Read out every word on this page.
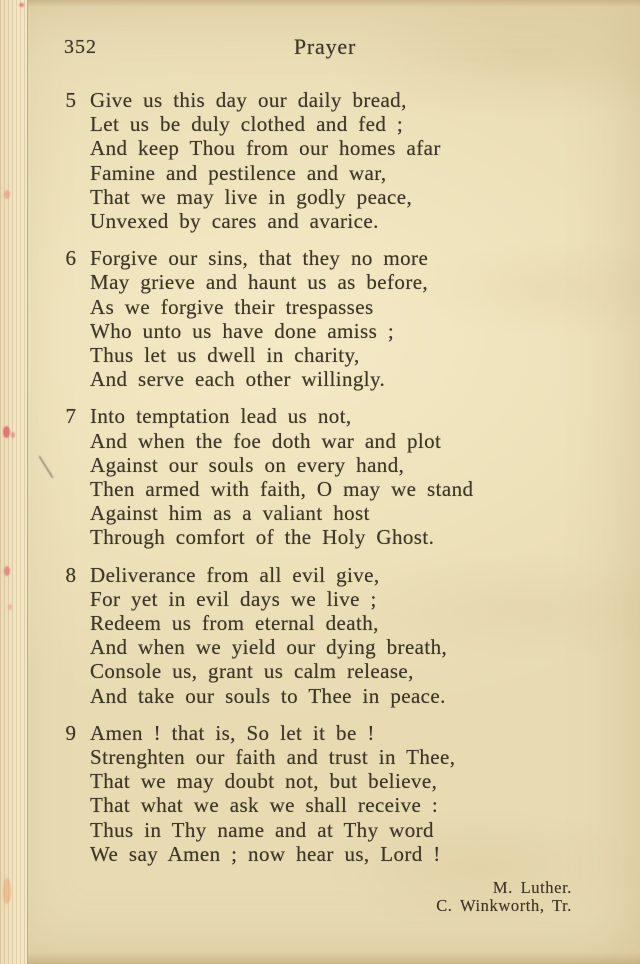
352	Prayer
5 Give us this day our daily bread,
Let us be duly clothed and fed ;
And keep Thou from our homes afar
Famine and pestilence and war,
That we may live in godly peace,
Unvexed by cares and avarice.
6 Forgive our sins, that they no more
May grieve and haunt us as before,
As we forgive their trespasses
Who unto us have done amiss ;
Thus let us dwell in charity,
And serve each other willingly.
7 Into temptation lead us not,
And when the foe doth war and plot
Against our souls on every hand,
Then armed with faith, O may we stand
Against him as a valiant host
Through comfort of the Holy Ghost.
8 Deliverance from all evil give,
For yet in evil days we live ;
Redeem us from eternal death,
And when we yield our dying breath,
Console us, grant us calm release,
And take our souls to Thee in peace.
9 Amen ! that is, So let it be !
Strenghten our faith and trust in Thee,
That we may doubt not, but believe,
That what we ask we shall receive :
Thus in Thy name and at Thy word
We say Amen ; now hear us, Lord !
M. Luther.
C. Winkworth, Tr.
